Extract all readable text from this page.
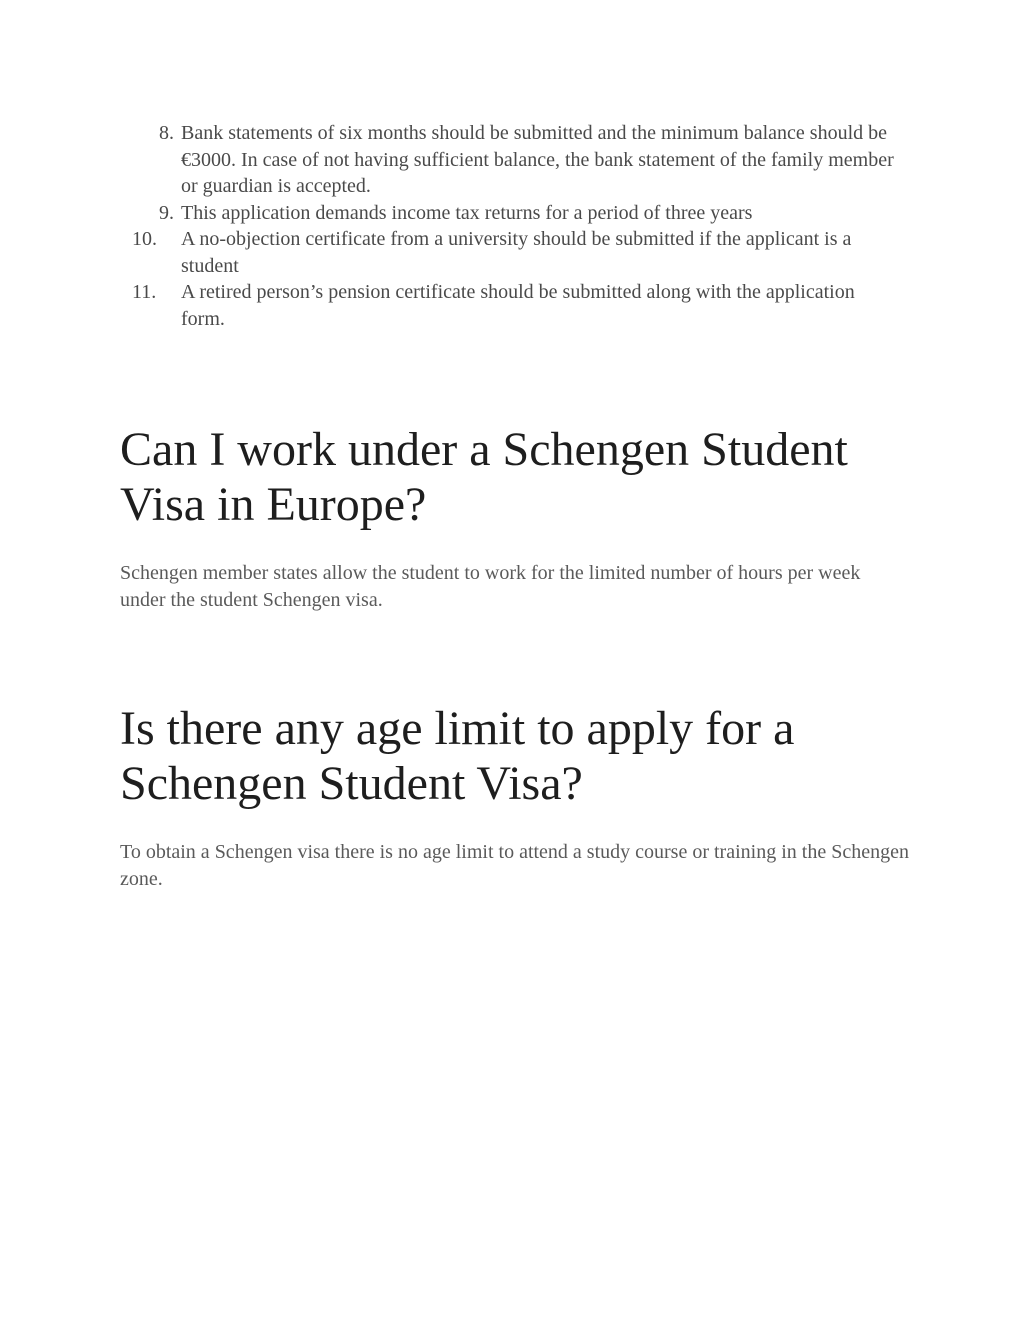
8. Bank statements of six months should be submitted and the minimum balance should be €3000. In case of not having sufficient balance, the bank statement of the family member or guardian is accepted.
9. This application demands income tax returns for a period of three years
10.	A no-objection certificate from a university should be submitted if the applicant is a student
11.	A retired person’s pension certificate should be submitted along with the application form.
Can I work under a Schengen Student Visa in Europe?

Schengen member states allow the student to work for the limited number of hours per week under the student Schengen visa.

Is there any age limit to apply for a Schengen Student Visa?

To obtain a Schengen visa there is no age limit to attend a study course or training in the Schengen zone.
